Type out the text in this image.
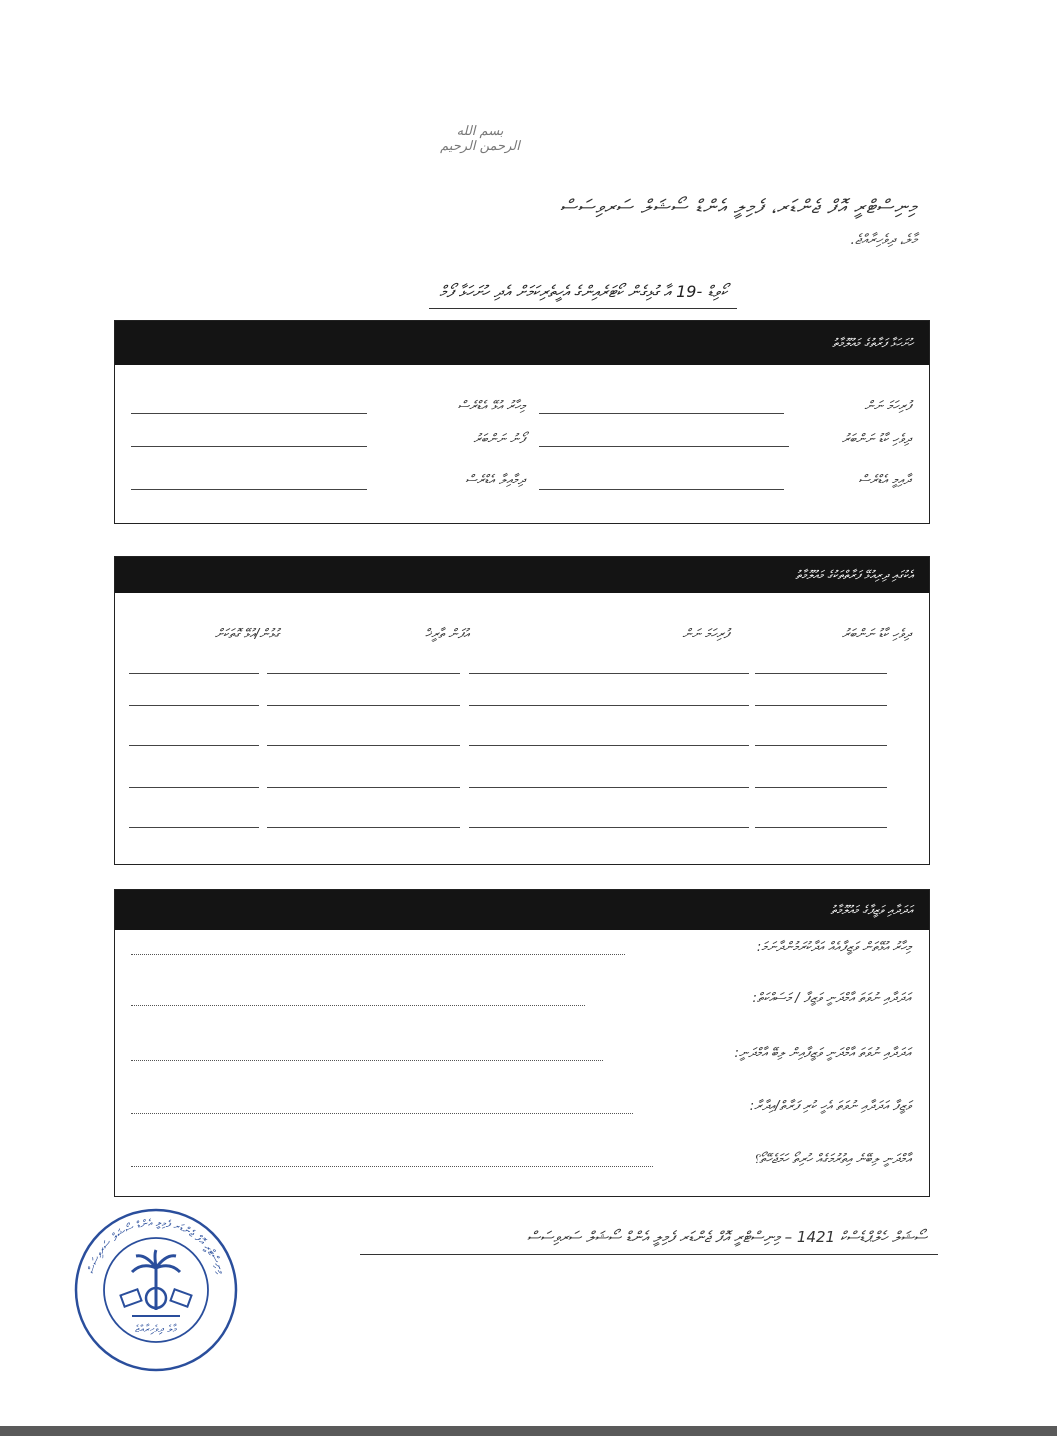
بسم الله الرحمن الرحيم
މިނިސްޓްރީ އޮފް ޖެންޑަރ، ފެމިލީ އެންޑް ސޯޝަލް ސަރވިސަސް
މާލެ، ދިވެހިރާއްޖެ.
ކޯވިޑް -19 އާ ގުޅިގެން ކޯޓަރެއިންގެ އެހީތެރިކަމަށް އެދި ހުށަހަޅާ ފޯމް
ހުށަހަޅާ ފަރާތުގެ މައުލޫމާތު
ފުރިހަމަ ނަން
މިހާރު އުޅޭ އެޑްރެސް
ދިވެހި ކާޑު ނަންބަރު
ފޯނު ނަންބަރު
ދާއިމީ އެޑްރެސް
ދިމާއިލާ އެޑްރެސް
އެކުގައި ދިރިއުޅޭ ފަރާތްތަކުގެ މައުލޫމާތު
ދިވެހި ކާޑު ނަންބަރު
ފުރިހަމަ ނަން
އުފަން ތާރީޚް
ގުޅުން/އުޅޭ ގޮތަކަށް
އަދަދާއި ވަޒީފާގެ މައުލޫމާތު
މިހާރު އުޅޭތަން ވަޒީފާއެއް އަދާކުރަމުންދާނަމަ:
އަދަދާއި ނުވަތަ އާމްދަނީ ވަޒީފާ / މަސައްކަތް:
އަދަދާއި ނުވަތަ އާމްދަނީ ވަޒީފާއިން ލިބޭ އާމްދަނީ:
ވަޒީފާ އަދަދާއި ނުވަތަ އެހީ ކުރި ފަރާތް/އިދާރާ:
އާމްދަނީ ލިބޭނެ އިތުރުމަގެއް ހުރިތޯ ހަމަޖެހޭތޯ؟
ސޯޝަލް ހެލްޕްޑެސްކް 1421 – މިނިސްޓްރީ އޮފް ޖެންޑަރ ފެމިލީ އެންޑް ސޯޝަލް ސަރވިސަސް
މިނިސްޓްރީ އޮފް ޖެންޑަރ ފެމިލީ އެންޑް ސޯޝަލް ސަރވިސަސް
މާލެ ދިވެހިރާއްޖެ
